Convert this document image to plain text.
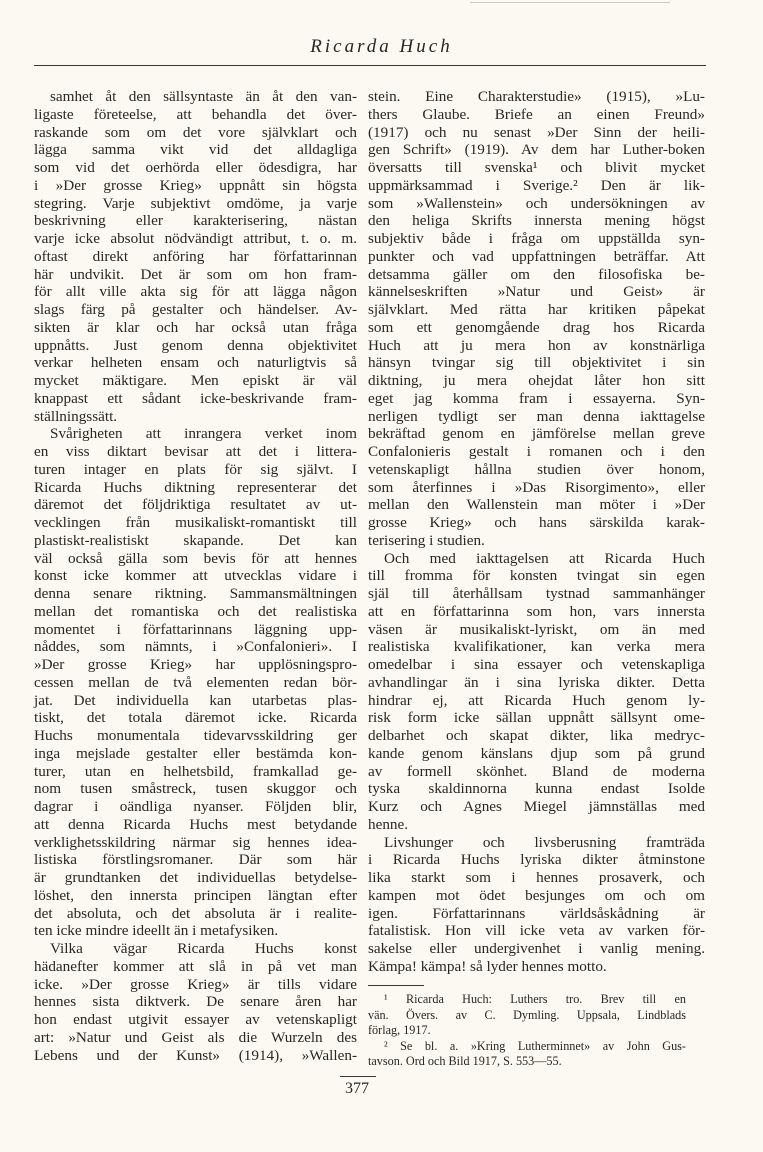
Ricarda Huch
samhet åt den sällsyntaste än åt den van-
ligaste företeelse, att behandla det över-
raskande som om det vore självklart och
lägga samma vikt vid det alldagliga
som vid det oerhörda eller ödesdigra, har
i »Der grosse Krieg» uppnått sin högsta
stegring. Varje subjektivt omdöme, ja varje
beskrivning eller karakterisering, nästan
varje icke absolut nödvändigt attribut, t. o. m.
oftast direkt anföring har författarinnan
här undvikit. Det är som om hon fram-
för allt ville akta sig för att lägga någon
slags färg på gestalter och händelser. Av-
sikten är klar och har också utan fråga
uppnåtts. Just genom denna objektivitet
verkar helheten ensam och naturligtvis så
mycket mäktigare. Men episkt är väl
knappast ett sådant icke-beskrivande fram-
ställningssätt.
Svårigheten att inrangera verket inom
en viss diktart bevisar att det i littera-
turen intager en plats för sig självt. I
Ricarda Huchs diktning representerar det
däremot det följdriktiga resultatet av ut-
vecklingen från musikaliskt-romantiskt till
plastiskt-realistiskt skapande. Det kan
väl också gälla som bevis för att hennes
konst icke kommer att utvecklas vidare i
denna senare riktning. Sammansmältningen
mellan det romantiska och det realistiska
momentet i författarinnans läggning upp-
nåddes, som nämnts, i »Confalonieri». I
»Der grosse Krieg» har upplösningspro-
cessen mellan de två elementen redan bör-
jat. Det individuella kan utarbetas plas-
tiskt, det totala däremot icke. Ricarda
Huchs monumentala tidevarvsskildring ger
inga mejslade gestalter eller bestämda kon-
turer, utan en helhetsbild, framkallad ge-
nom tusen småstreck, tusen skuggor och
dagrar i oändliga nyanser. Följden blir,
att denna Ricarda Huchs mest betydande
verklighetsskildring närmar sig hennes idea-
listiska förstlingsromaner. Där som här
är grundtanken det individuellas betydelse-
löshet, den innersta principen längtan efter
det absoluta, och det absoluta är i realite-
ten icke mindre ideellt än i metafysiken.
Vilka vägar Ricarda Huchs konst
hädanefter kommer att slå in på vet man
icke. »Der grosse Krieg» är tills vidare
hennes sista diktverk. De senare åren har
hon endast utgivit essayer av vetenskapligt
art: »Natur und Geist als die Wurzeln des
Lebens und der Kunst» (1914), »Wallen-
stein. Eine Charakterstudie» (1915), »Lu-
thers Glaube. Briefe an einen Freund»
(1917) och nu senast »Der Sinn der heili-
gen Schrift» (1919). Av dem har Luther-boken
översatts till svenska¹ och blivit mycket
uppmärksammad i Sverige.² Den är lik-
som »Wallenstein» och undersökningen av
den heliga Skrifts innersta mening högst
subjektiv både i fråga om uppställda syn-
punkter och vad uppfattningen beträffar. Att
detsamma gäller om den filosofiska be-
kännelseskriften »Natur und Geist» är
självklart. Med rätta har kritiken påpekat
som ett genomgående drag hos Ricarda
Huch att ju mera hon av konstnärliga
hänsyn tvingar sig till objektivitet i sin
diktning, ju mera ohejdat låter hon sitt
eget jag komma fram i essayerna. Syn-
nerligen tydligt ser man denna iakttagelse
bekräftad genom en jämförelse mellan greve
Confalonieris gestalt i romanen och i den
vetenskapligt hållna studien över honom,
som återfinnes i »Das Risorgimento», eller
mellan den Wallenstein man möter i »Der
grosse Krieg» och hans särskilda karak-
terisering i studien.
Och med iakttagelsen att Ricarda Huch
till fromma för konsten tvingat sin egen
själ till återhållsam tystnad sammanhänger
att en författarinna som hon, vars innersta
väsen är musikaliskt-lyriskt, om än med
realistiska kvalifikationer, kan verka mera
omedelbar i sina essayer och vetenskapliga
avhandlingar än i sina lyriska dikter. Detta
hindrar ej, att Ricarda Huch genom ly-
risk form icke sällan uppnått sällsynt ome-
delbarhet och skapat dikter, lika medryc-
kande genom känslans djup som på grund
av formell skönhet. Bland de moderna
tyska skaldinnorna kunna endast Isolde
Kurz och Agnes Miegel jämnställas med
henne.
Livshunger och livsberusning framträda
i Ricarda Huchs lyriska dikter åtminstone
lika starkt som i hennes prosaverk, och
kampen mot ödet besjunges om och om
igen. Författarinnans världsåskådning är
fatalistisk. Hon vill icke veta av varken för-
sakelse eller undergivenhet i vanlig mening.
Kämpa! kämpa! så lyder hennes motto.
¹ Ricarda Huch: Luthers tro. Brev till en
vän. Övers. av C. Dymling. Uppsala, Lindblads
förlag, 1917.
² Se bl. a. »Kring Lutherminnet» av John Gus-
tavson. Ord och Bild 1917, S. 553—55.
377
